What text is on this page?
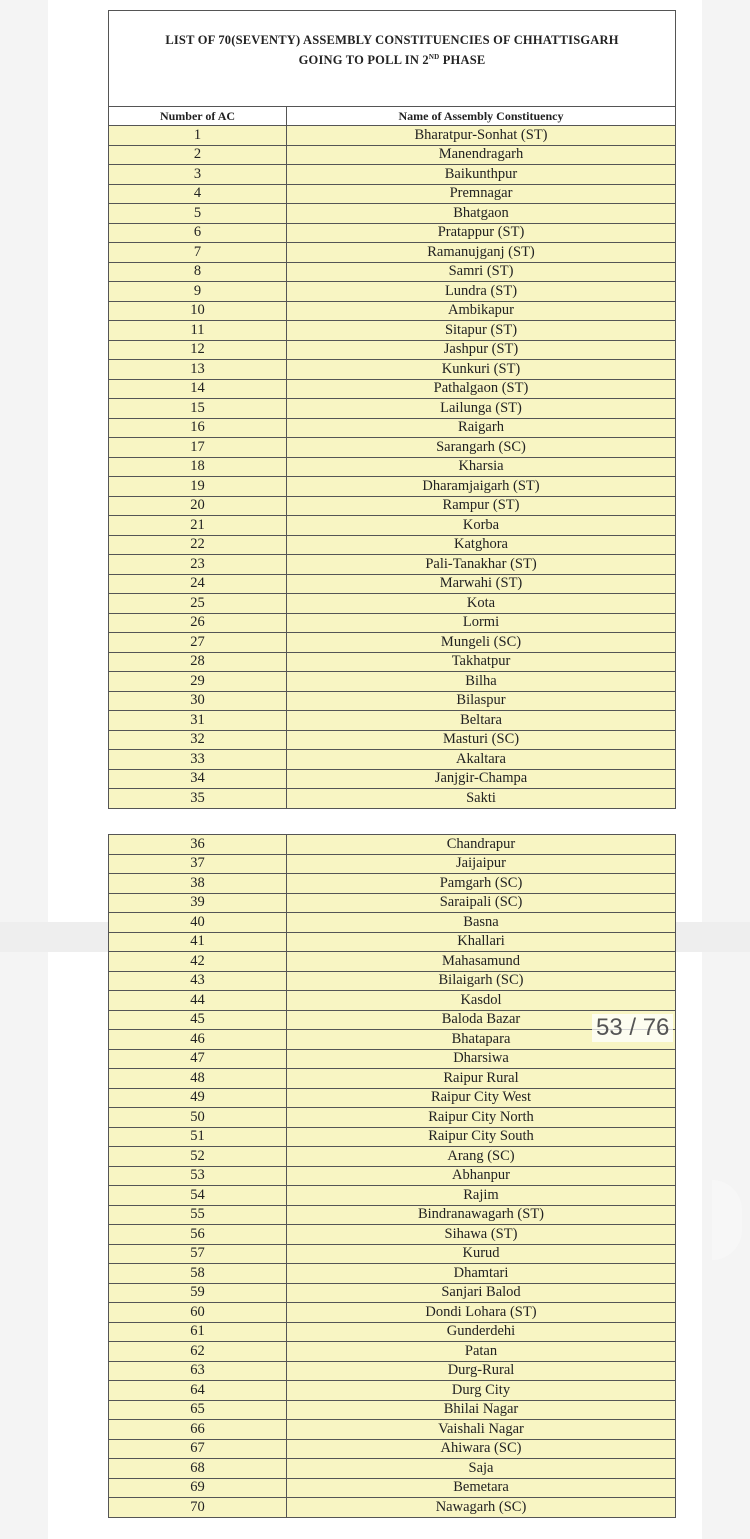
LIST OF 70(SEVENTY) ASSEMBLY CONSTITUENCIES OF CHHATTISGARH
GOING TO POLL IN 2ND PHASE
Number of AC	Name of Assembly Constituency
1	Bharatpur-Sonhat (ST)
2	Manendragarh
3	Baikunthpur
4	Premnagar
5	Bhatgaon
6	Pratappur (ST)
7	Ramanujganj (ST)
8	Samri (ST)
9	Lundra (ST)
10	Ambikapur
11	Sitapur (ST)
12	Jashpur (ST)
13	Kunkuri (ST)
14	Pathalgaon (ST)
15	Lailunga (ST)
16	Raigarh
17	Sarangarh (SC)
18	Kharsia
19	Dharamjaigarh (ST)
20	Rampur (ST)
21	Korba
22	Katghora
23	Pali-Tanakhar (ST)
24	Marwahi (ST)
25	Kota
26	Lormi
27	Mungeli (SC)
28	Takhatpur
29	Bilha
30	Bilaspur
31	Beltara
32	Masturi (SC)
33	Akaltara
34	Janjgir-Champa
35	Sakti
36	Chandrapur
37	Jaijaipur
38	Pamgarh (SC)
39	Saraipali (SC)
40	Basna
41	Khallari
42	Mahasamund
43	Bilaigarh (SC)
44	Kasdol
45	Baloda Bazar
46	Bhatapara
47	Dharsiwa
48	Raipur Rural
49	Raipur City West
50	Raipur City North
51	Raipur City South
52	Arang (SC)
53	Abhanpur
54	Rajim
55	Bindranawagarh (ST)
56	Sihawa (ST)
57	Kurud
58	Dhamtari
59	Sanjari Balod
60	Dondi Lohara (ST)
61	Gunderdehi
62	Patan
63	Durg-Rural
64	Durg City
65	Bhilai Nagar
66	Vaishali Nagar
67	Ahiwara (SC)
68	Saja
69	Bemetara
70	Nawagarh (SC)
53 / 76
